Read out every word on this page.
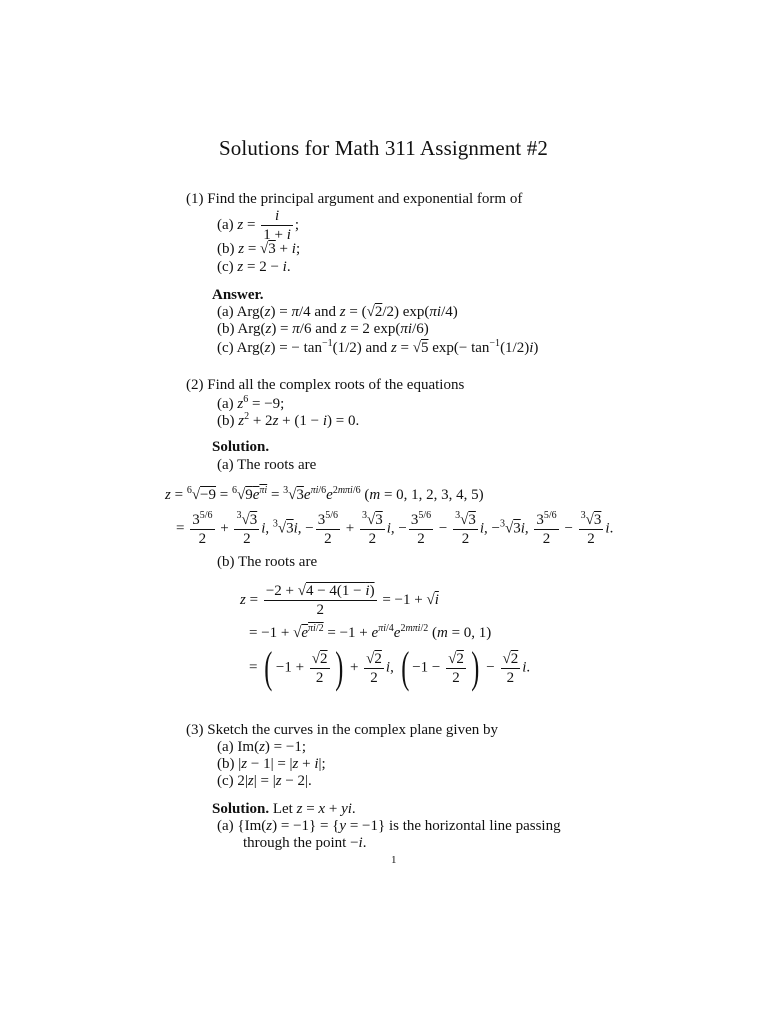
Solutions for Math 311 Assignment #2
(1) Find the principal argument and exponential form of
(a) $z = \frac{i}{1 + i}$ ;
(b) z = √3 + i;
(c) z = 2 − i.
Answer.
(a) Arg(z) = π/4 and z = (√2/2) exp(πi/4)
(b) Arg(z) = π/6 and z = 2 exp(πi/6)
(c) Arg(z) = − $\tan^{-1}(1/2)$ and z = √5 $\exp(- \tan^{-1}(1/2)i)$
(2) Find all the complex roots of the equations
(a) $z^6 = -9$;
(b) $z^2 + 2z + (1 - i) = 0$.
Solution.
(a) The roots are
$z = ^6√-9 = ^6√9e^{\pi i} = ^3√3e^{\pi i/6}e^{2m\pi i/6}$ (m = 0, 1, 2, 3, 4, 5)
= $\frac{3^{5/6}}{2} + \frac{^3√3}{2} i$, $^3$√3i, − $\frac{3^{5/6}}{2} + \frac{^3√3}{2} i$, − $\frac{3^{5/6}}{2} - \frac{^3√3}{2} i$, −$^3$√3i, $\frac{3^{5/6}}{2} - \frac{^3√3}{2} i$.
(b) The roots are
$z = \frac{-2 + √4 - 4(1 - i)}{2} = -1 + √i$
= $-1 + √e^{\pi i/2} = -1 + e^{\pi i/4}e^{2m\pi i/2}$ (m = 0, 1)
= ( $-1 + \frac{√2}{2}$ ) + $\frac{√2}{2} i$, ( $-1 - \frac{√2}{2}$ ) − $\frac{√2}{2} i$.
(3) Sketch the curves in the complex plane given by
(a) Im(z) = −1;
(b) |z − 1| = |z + i|;
(c) 2|z| = |z − 2|.
Solution. Let z = x + yi.
(a) {Im(z) = −1} = {y = −1} is the horizontal line passing
through the point −i.
1
